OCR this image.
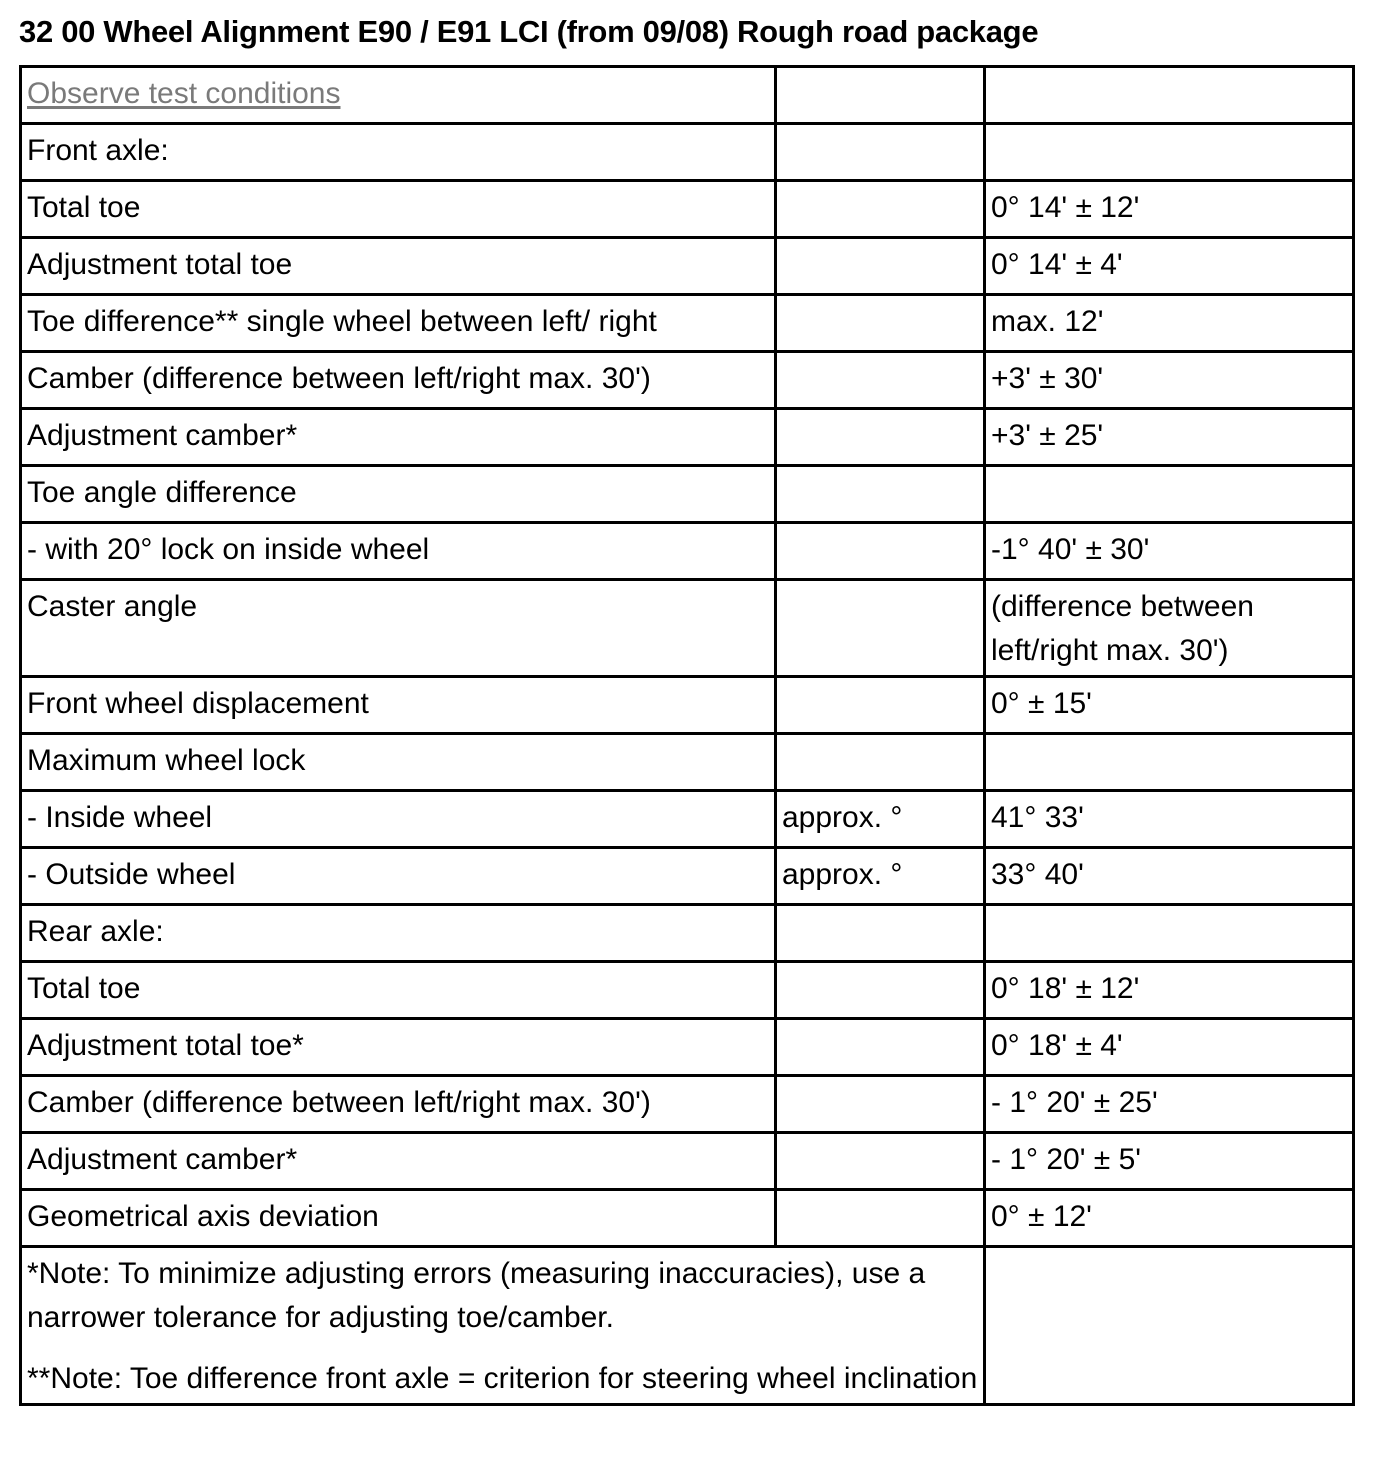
32 00 Wheel Alignment E90 / E91 LCI (from 09/08) Rough road package
Observe test conditions		
Front axle:		
Total toe		0° 14' ± 12'
Adjustment total toe		0° 14' ± 4'
Toe difference** single wheel between left/ right		max. 12'
Camber (difference between left/right max. 30')		+3' ± 30'
Adjustment camber*		+3' ± 25'
Toe angle difference		
- with 20° lock on inside wheel		-1° 40' ± 30'
Caster angle		(difference between left/right max. 30')
Front wheel displacement		0° ± 15'
Maximum wheel lock		
- Inside wheel	approx. °	41° 33'
- Outside wheel	approx. °	33° 40'
Rear axle:		
Total toe		0° 18' ± 12'
Adjustment total toe*		0° 18' ± 4'
Camber (difference between left/right max. 30')		- 1° 20' ± 25'
Adjustment camber*		- 1° 20' ± 5'
Geometrical axis deviation		0° ± 12'

*Note: To minimize adjusting errors (measuring inaccuracies), use a narrower tolerance for adjusting toe/camber.

**Note: Toe difference front axle = criterion for steering wheel inclination		
